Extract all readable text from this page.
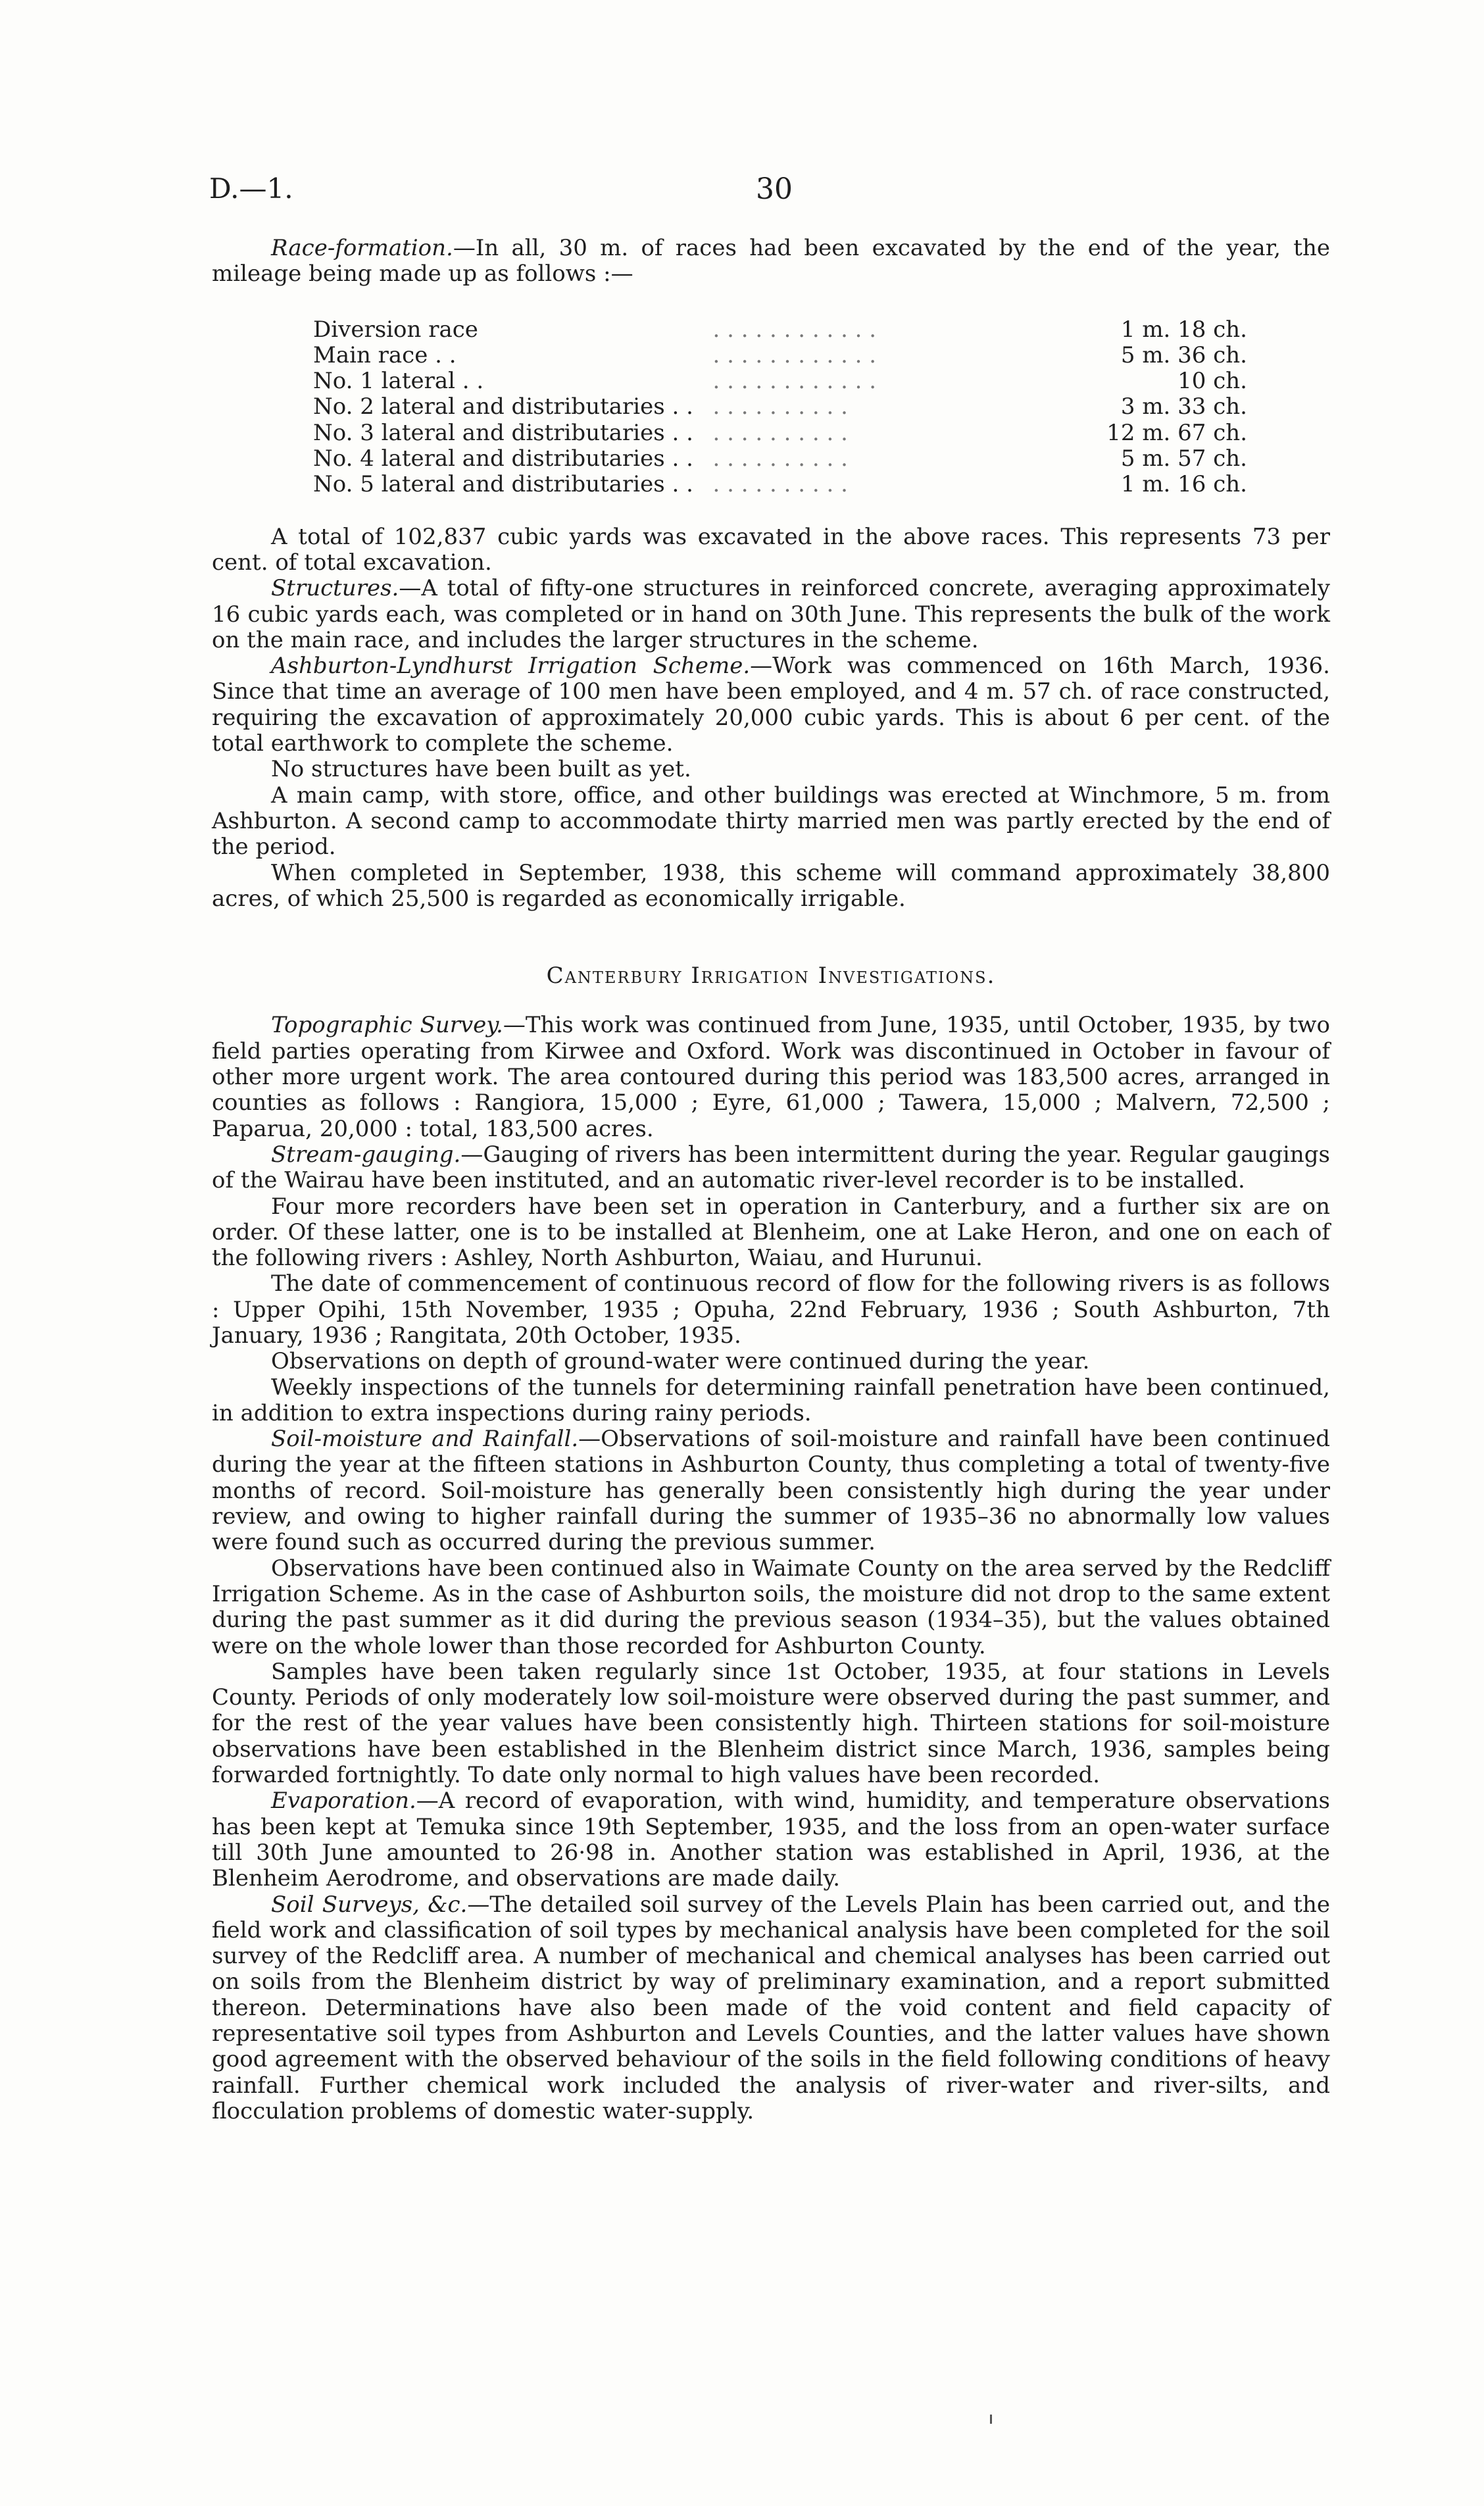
D.—1.	30

Race-formation.—In all, 30 m. of races had been excavated by the end of the year, the mileage being made up as follows :—

Diversion race	. . . . . . . . . . . .	1 m. 18 ch.
Main race . .	. . . . . . . . . . . .	5 m. 36 ch.
No. 1 lateral . .	. . . . . . . . . . . .	10 ch.
No. 2 lateral and distributaries . .	. . . . . . . . . .	3 m. 33 ch.
No. 3 lateral and distributaries . .	. . . . . . . . . .	12 m. 67 ch.
No. 4 lateral and distributaries . .	. . . . . . . . . .	5 m. 57 ch.
No. 5 lateral and distributaries . .	. . . . . . . . . .	1 m. 16 ch.

A total of 102,837 cubic yards was excavated in the above races. This represents 73 per cent. of total excavation.

Structures.—A total of fifty-one structures in reinforced concrete, averaging approximately 16 cubic yards each, was completed or in hand on 30th June. This represents the bulk of the work on the main race, and includes the larger structures in the scheme.

Ashburton-Lyndhurst Irrigation Scheme.—Work was commenced on 16th March, 1936. Since that time an average of 100 men have been employed, and 4 m. 57 ch. of race constructed, requiring the excavation of approximately 20,000 cubic yards. This is about 6 per cent. of the total earthwork to complete the scheme.

No structures have been built as yet.

A main camp, with store, office, and other buildings was erected at Winchmore, 5 m. from Ashburton. A second camp to accommodate thirty married men was partly erected by the end of the period.

When completed in September, 1938, this scheme will command approximately 38,800 acres, of which 25,500 is regarded as economically irrigable.

Canterbury Irrigation Investigations.

Topographic Survey.—This work was continued from June, 1935, until October, 1935, by two field parties operating from Kirwee and Oxford. Work was discontinued in October in favour of other more urgent work. The area contoured during this period was 183,500 acres, arranged in counties as follows : Rangiora, 15,000 ; Eyre, 61,000 ; Tawera, 15,000 ; Malvern, 72,500 ; Paparua, 20,000 : total, 183,500 acres.

Stream-gauging.—Gauging of rivers has been intermittent during the year. Regular gaugings of the Wairau have been instituted, and an automatic river-level recorder is to be installed.

Four more recorders have been set in operation in Canterbury, and a further six are on order. Of these latter, one is to be installed at Blenheim, one at Lake Heron, and one on each of the following rivers : Ashley, North Ashburton, Waiau, and Hurunui.

The date of commencement of continuous record of flow for the following rivers is as follows : Upper Opihi, 15th November, 1935 ; Opuha, 22nd February, 1936 ; South Ashburton, 7th January, 1936 ; Rangitata, 20th October, 1935.

Observations on depth of ground-water were continued during the year.

Weekly inspections of the tunnels for determining rainfall penetration have been continued, in addition to extra inspections during rainy periods.

Soil-moisture and Rainfall.—Observations of soil-moisture and rainfall have been continued during the year at the fifteen stations in Ashburton County, thus completing a total of twenty-five months of record. Soil-moisture has generally been consistently high during the year under review, and owing to higher rainfall during the summer of 1935–36 no abnormally low values were found such as occurred during the previous summer.

Observations have been continued also in Waimate County on the area served by the Redcliff Irrigation Scheme. As in the case of Ashburton soils, the moisture did not drop to the same extent during the past summer as it did during the previous season (1934–35), but the values obtained were on the whole lower than those recorded for Ashburton County.

Samples have been taken regularly since 1st October, 1935, at four stations in Levels County. Periods of only moderately low soil-moisture were observed during the past summer, and for the rest of the year values have been consistently high. Thirteen stations for soil-moisture observations have been established in the Blenheim district since March, 1936, samples being forwarded fortnightly. To date only normal to high values have been recorded.

Evaporation.—A record of evaporation, with wind, humidity, and temperature observations has been kept at Temuka since 19th September, 1935, and the loss from an open-water surface till 30th June amounted to 26·98 in. Another station was established in April, 1936, at the Blenheim Aerodrome, and observations are made daily.

Soil Surveys, &c.—The detailed soil survey of the Levels Plain has been carried out, and the field work and classification of soil types by mechanical analysis have been completed for the soil survey of the Redcliff area. A number of mechanical and chemical analyses has been carried out on soils from the Blenheim district by way of preliminary examination, and a report submitted thereon. Determinations have also been made of the void content and field capacity of representative soil types from Ashburton and Levels Counties, and the latter values have shown good agreement with the observed behaviour of the soils in the field following conditions of heavy rainfall. Further chemical work included the analysis of river-water and river-silts, and flocculation problems of domestic water-supply.
